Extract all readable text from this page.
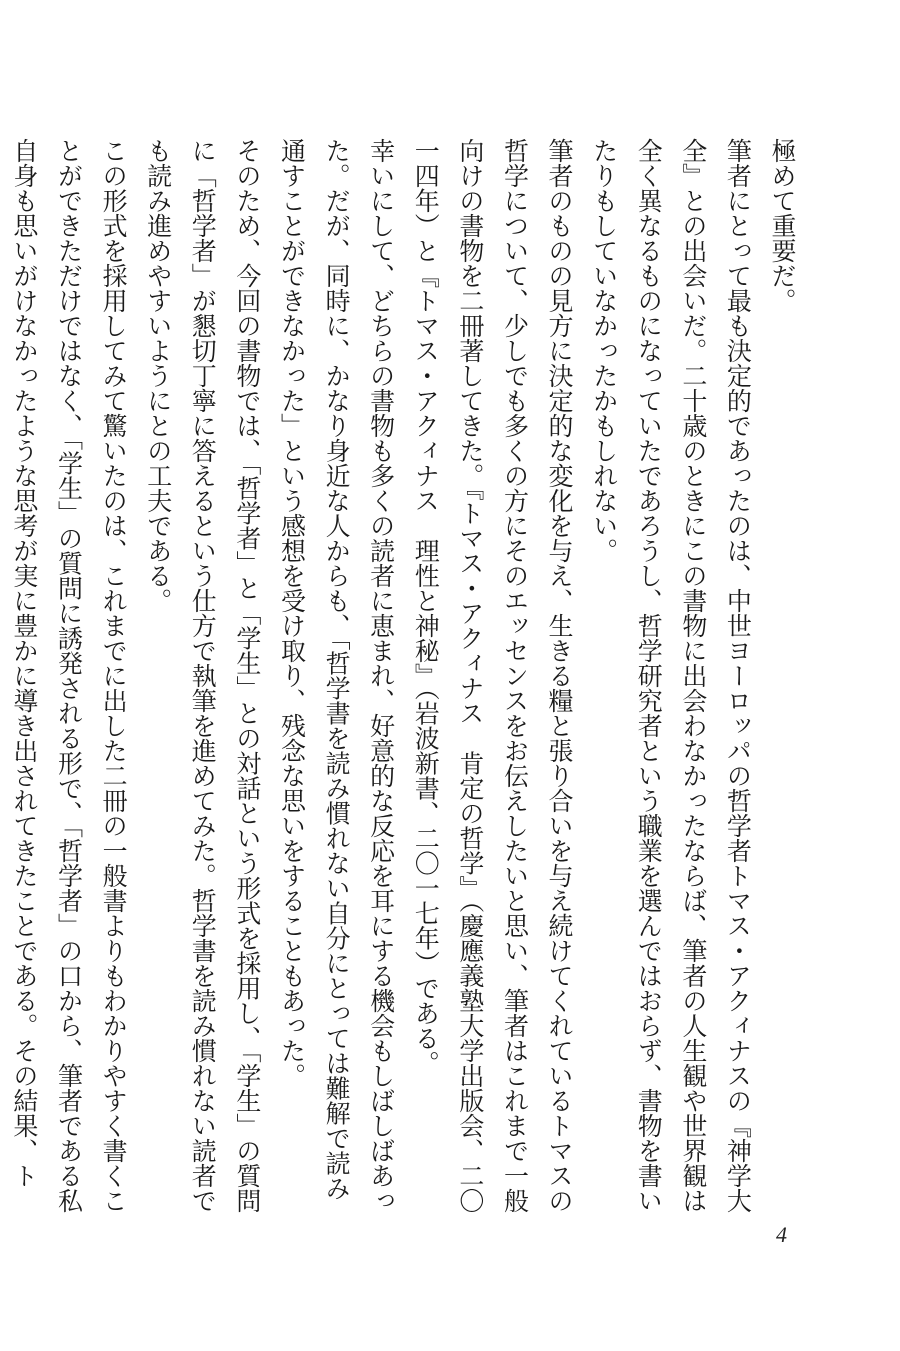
極めて重要だ。

筆者にとって最も決定的であったのは、中世ヨーロッパの哲学者トマス・アクィナスの『神学大全』との出会いだ。二十歳のときにこの書物に出会わなかったならば、筆者の人生観や世界観は全く異なるものになっていたであろうし、哲学研究者という職業を選んではおらず、書物を書いたりもしていなかったかもしれない。

筆者のものの見方に決定的な変化を与え、生きる糧と張り合いを与え続けてくれているトマスの哲学について、少しでも多くの方にそのエッセンスをお伝えしたいと思い、筆者はこれまで一般向けの書物を二冊著してきた。『トマス・アクィナス　肯定の哲学』（慶應義塾大学出版会、二〇一四年）と『トマス・アクィナス　理性と神秘』（岩波新書、二〇一七年）である。

幸いにして、どちらの書物も多くの読者に恵まれ、好意的な反応を耳にする機会もしばしばあった。だが、同時に、かなり身近な人からも、「哲学書を読み慣れない自分にとっては難解で読み通すことができなかった」という感想を受け取り、残念な思いをすることもあった。

そのため、今回の書物では、「哲学者」と「学生」との対話という形式を採用し、「学生」の質問に「哲学者」が懇切丁寧に答えるという仕方で執筆を進めてみた。哲学書を読み慣れない読者でも読み進めやすいようにとの工夫である。

この形式を採用してみて驚いたのは、これまでに出した二冊の一般書よりもわかりやすく書くことができただけではなく、「学生」の質問に誘発される形で、「哲学者」の口から、筆者である私自身も思いがけなかったような思考が実に豊かに導き出されてきたことである。その結果、ト

4
